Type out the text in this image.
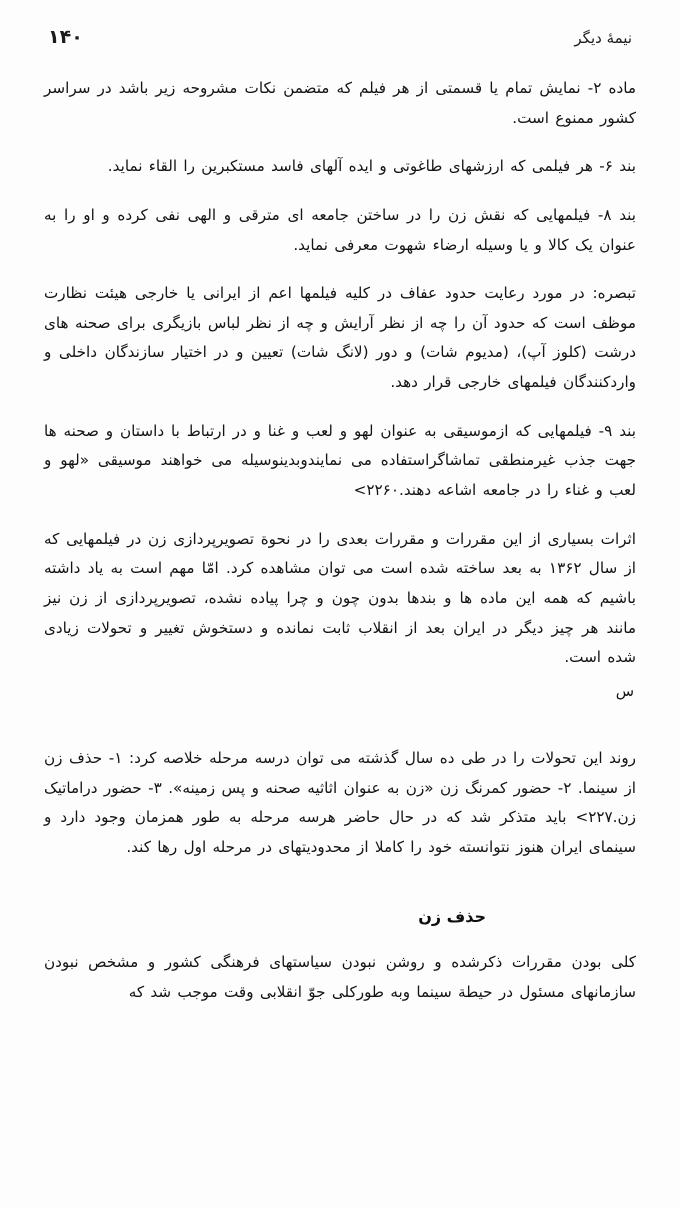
۱۴۰	نیمهٔ دیگر

ماده ۲- نمایش تمام یا قسمتی از هر فیلم که متضمن نکات مشروحه زیر باشد در سراسر کشور ممنوع است.

بند ۶- هر فیلمی که ارزشهای طاغوتی و ایده آلهای فاسد مستکبرین را القاء نماید.

بند ۸- فیلمهایی که نقش زن را در ساختن جامعه ای مترقی و الهی نفی کرده و او را به عنوان یک کالا و یا وسیله ارضاء شهوت معرفی نماید.

تبصره: در مورد رعایت حدود عفاف در کلیه فیلمها اعم از ایرانی یا خارجی هیئت نظارت موظف است که حدود آن را چه از نظر آرایش و چه از نظر لباس بازیگری برای صحنه های درشت (کلوز آپ)، (مدیوم شات) و دور (لانگ شات) تعیین و در اختیار سازندگان داخلی و واردکنندگان فیلمهای خارجی قرار دهد.

بند ۹- فیلمهایی که ازموسیقی به عنوان لهو و لعب و غنا و در ارتباط با داستان و صحنه ها جهت جذب غیرمنطقی تماشاگراستفاده می نمایندوبدینوسیله می خواهند موسیقی «لهو و لعب و غناء را در جامعه اشاعه دهند.۲۲۶۰>

اثرات بسیاری از این مقررات و مقررات بعدی را در نحوة تصویرپردازی زن در فیلمهایی که از سال ۱۳۶۲ به بعد ساخته شده است می توان مشاهده کرد. امّا مهم است به یاد داشته باشیم که همه این ماده ها و بندها بدون چون و چرا پیاده نشده، تصویرپردازی از زن نیز مانند هر چیز دیگر در ایران بعد از انقلاب ثابت نمانده و دستخوش تغییر و تحولات زیادی شده است.

س

روند این تحولات را در طی ده سال گذشته می توان درسه مرحله خلاصه کرد: ۱- حذف زن از سینما. ۲- حضور کمرنگ زن «زن به عنوان اثاثیه صحنه و پس زمینه». ۳- حضور دراماتیک زن.۲۲۷> باید متذکر شد که در حال حاضر هرسه مرحله به طور همزمان وجود دارد و سینمای ایران هنوز نتوانسته خود را کاملا از محدودیتهای در مرحله اول رها کند.

حذف زن

کلی بودن مقررات ذکرشده و روشن نبودن سیاستهای فرهنگی کشور و مشخص نبودن سازمانهای مسئول در حیطة سینما وبه طورکلی جوّ انقلابی وقت موجب شد که
